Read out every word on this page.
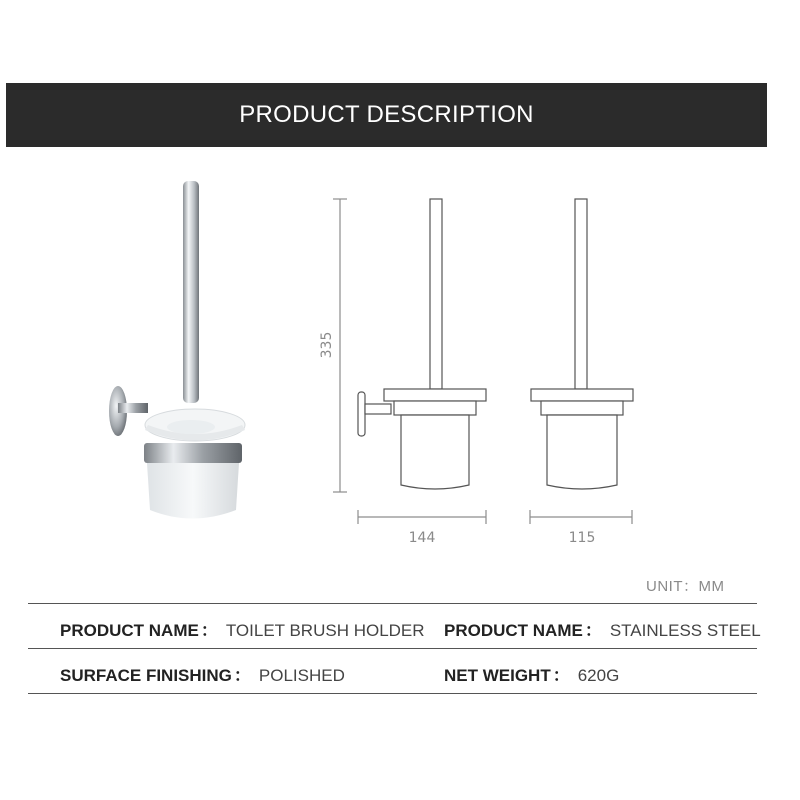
PRODUCT DESCRIPTION
335
144	115
UNIT：MM
PRODUCT NAME ： TOILET BRUSH HOLDER PRODUCT NAME ： STAINLESS STEEL
SURFACE FINISHING ： POLISHED	NET WEIGHT ： 620G
